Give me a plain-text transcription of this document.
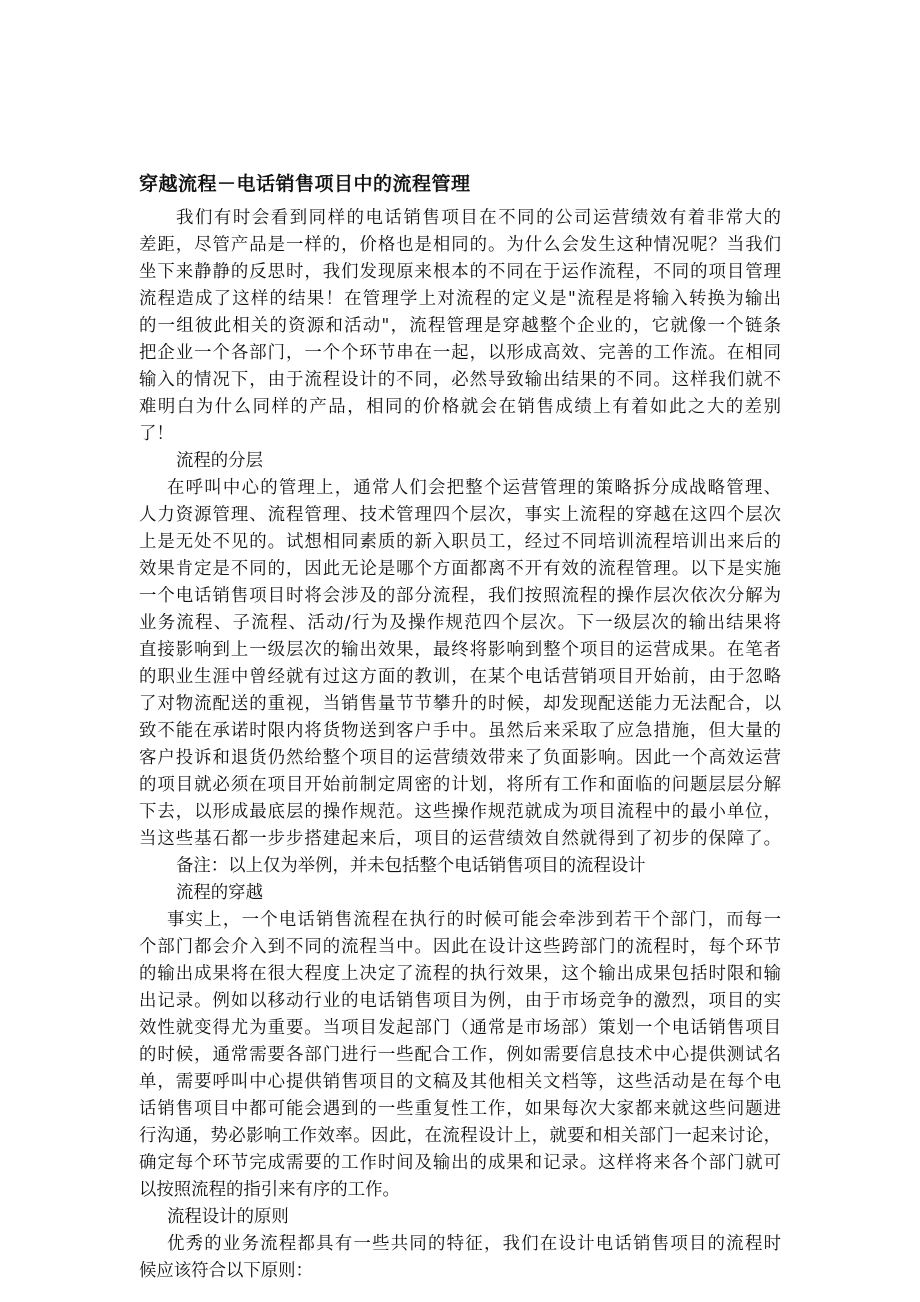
穿越流程－电话销售项目中的流程管理
我们有时会看到同样的电话销售项目在不同的公司运营绩效有着非常大的
差距，尽管产品是一样的，价格也是相同的。为什么会发生这种情况呢？当我们
坐下来静静的反思时，我们发现原来根本的不同在于运作流程，不同的项目管理
流程造成了这样的结果！在管理学上对流程的定义是"流程是将输入转换为输出
的一组彼此相关的资源和活动"，流程管理是穿越整个企业的，它就像一个链条
把企业一个各部门，一个个环节串在一起，以形成高效、完善的工作流。在相同
输入的情况下，由于流程设计的不同，必然导致输出结果的不同。这样我们就不
难明白为什么同样的产品，相同的价格就会在销售成绩上有着如此之大的差别
了！
流程的分层
在呼叫中心的管理上，通常人们会把整个运营管理的策略拆分成战略管理、
人力资源管理、流程管理、技术管理四个层次，事实上流程的穿越在这四个层次
上是无处不见的。试想相同素质的新入职员工，经过不同培训流程培训出来后的
效果肯定是不同的，因此无论是哪个方面都离不开有效的流程管理。以下是实施
一个电话销售项目时将会涉及的部分流程，我们按照流程的操作层次依次分解为
业务流程、子流程、活动/行为及操作规范四个层次。下一级层次的输出结果将
直接影响到上一级层次的输出效果，最终将影响到整个项目的运营成果。在笔者
的职业生涯中曾经就有过这方面的教训，在某个电话营销项目开始前，由于忽略
了对物流配送的重视，当销售量节节攀升的时候，却发现配送能力无法配合，以
致不能在承诺时限内将货物送到客户手中。虽然后来采取了应急措施，但大量的
客户投诉和退货仍然给整个项目的运营绩效带来了负面影响。因此一个高效运营
的项目就必须在项目开始前制定周密的计划，将所有工作和面临的问题层层分解
下去，以形成最底层的操作规范。这些操作规范就成为项目流程中的最小单位，
当这些基石都一步步搭建起来后，项目的运营绩效自然就得到了初步的保障了。
备注：以上仅为举例，并未包括整个电话销售项目的流程设计
流程的穿越
事实上，一个电话销售流程在执行的时候可能会牵涉到若干个部门，而每一
个部门都会介入到不同的流程当中。因此在设计这些跨部门的流程时，每个环节
的输出成果将在很大程度上决定了流程的执行效果，这个输出成果包括时限和输
出记录。例如以移动行业的电话销售项目为例，由于市场竞争的激烈，项目的实
效性就变得尤为重要。当项目发起部门（通常是市场部）策划一个电话销售项目
的时候，通常需要各部门进行一些配合工作，例如需要信息技术中心提供测试名
单，需要呼叫中心提供销售项目的文稿及其他相关文档等，这些活动是在每个电
话销售项目中都可能会遇到的一些重复性工作，如果每次大家都来就这些问题进
行沟通，势必影响工作效率。因此，在流程设计上，就要和相关部门一起来讨论，
确定每个环节完成需要的工作时间及输出的成果和记录。这样将来各个部门就可
以按照流程的指引来有序的工作。
流程设计的原则
优秀的业务流程都具有一些共同的特征，我们在设计电话销售项目的流程时
候应该符合以下原则：
